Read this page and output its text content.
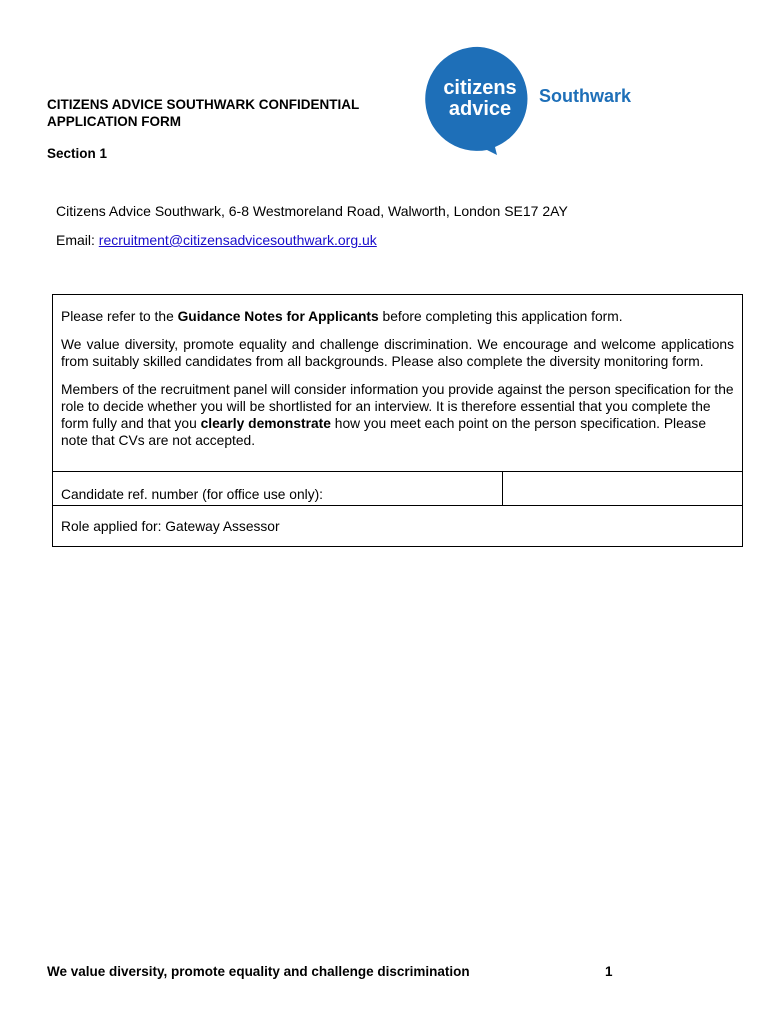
CITIZENS ADVICE SOUTHWARK CONFIDENTIAL
APPLICATION FORM
Section 1
citizens
advice
Southwark
Citizens Advice Southwark, 6-8 Westmoreland Road, Walworth, London SE17 2AY
Email: recruitment@citizensadvicesouthwark.org.uk

Please refer to the Guidance Notes for Applicants before completing this application form.

We value diversity, promote equality and challenge discrimination. We encourage and welcome applications from suitably skilled candidates from all backgrounds. Please also complete the diversity monitoring form.

Members of the recruitment panel will consider information you provide against the person specification for the role to decide whether you will be shortlisted for an interview. It is therefore essential that you complete the form fully and that you clearly demonstrate how you meet each point on the person specification. Please note that CVs are not accepted.

Candidate ref. number (for office use only):
Role applied for: Gateway Assessor
We value diversity, promote equality and challenge discrimination	1
